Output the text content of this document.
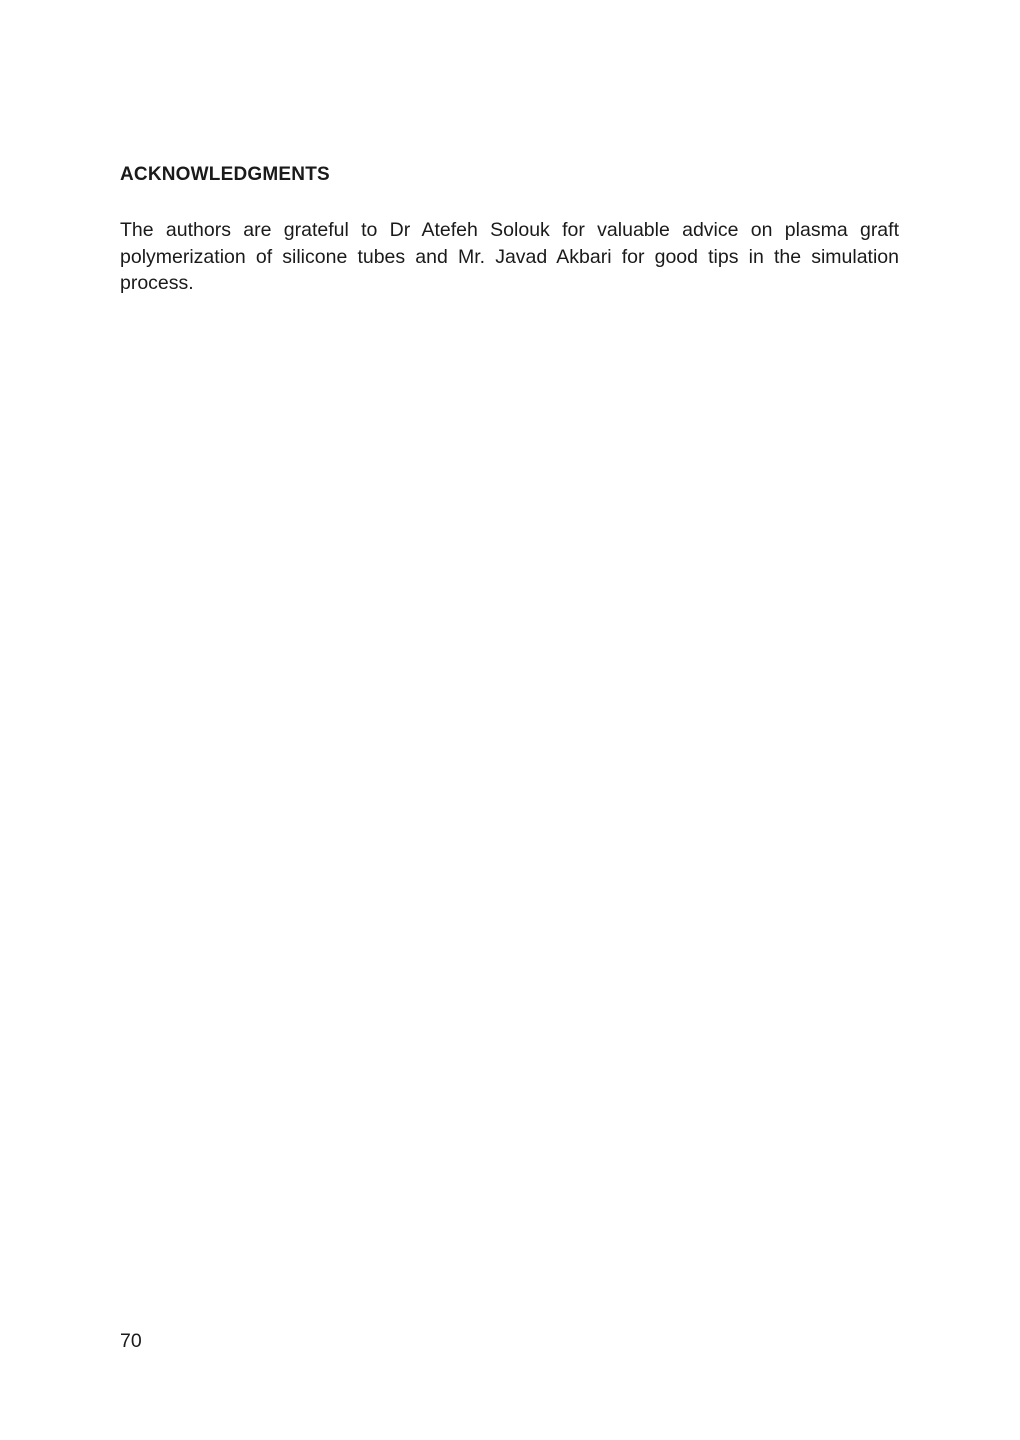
ACKNOWLEDGMENTS

The authors are grateful to Dr Atefeh Solouk for valuable advice on plasma graft polymerization of silicone tubes and Mr. Javad Akbari for good tips in the simulation process.

70
